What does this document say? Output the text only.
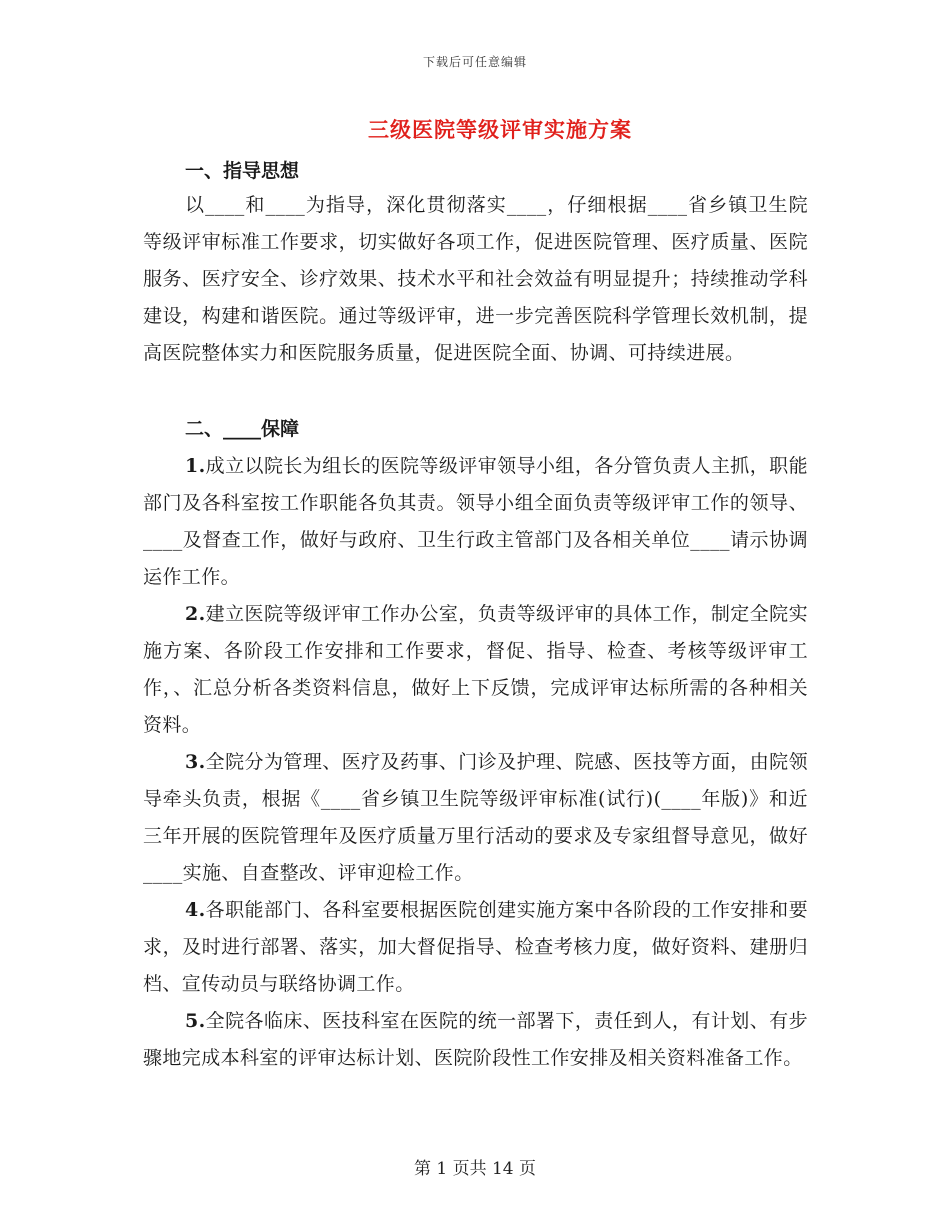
下载后可任意编辑
三级医院等级评审实施方案
一、指导思想

以____和____为指导，深化贯彻落实____，仔细根据____省乡镇卫生院等级评审标准工作要求，切实做好各项工作，促进医院管理、医疗质量、医院服务、医疗安全、诊疗效果、技术水平和社会效益有明显提升；持续推动学科建设，构建和谐医院。通过等级评审，进一步完善医院科学管理长效机制，提高医院整体实力和医院服务质量，促进医院全面、协调、可持续进展。

二、____保障

1.成立以院长为组长的医院等级评审领导小组，各分管负责人主抓，职能部门及各科室按工作职能各负其责。领导小组全面负责等级评审工作的领导、____及督查工作，做好与政府、卫生行政主管部门及各相关单位____请示协调运作工作。

2.建立医院等级评审工作办公室，负责等级评审的具体工作，制定全院实施方案、各阶段工作安排和工作要求，督促、指导、检查、考核等级评审工作，、汇总分析各类资料信息，做好上下反馈，完成评审达标所需的各种相关资料。

3.全院分为管理、医疗及药事、门诊及护理、院感、医技等方面，由院领导牵头负责，根据《____省乡镇卫生院等级评审标准(试行)(____年版)》和近三年开展的医院管理年及医疗质量万里行活动的要求及专家组督导意见，做好____实施、自查整改、评审迎检工作。

4.各职能部门、各科室要根据医院创建实施方案中各阶段的工作安排和要求，及时进行部署、落实，加大督促指导、检查考核力度，做好资料、建册归档、宣传动员与联络协调工作。

5.全院各临床、医技科室在医院的统一部署下，责任到人，有计划、有步骤地完成本科室的评审达标计划、医院阶段性工作安排及相关资料准备工作。

第 1 页共 14 页
